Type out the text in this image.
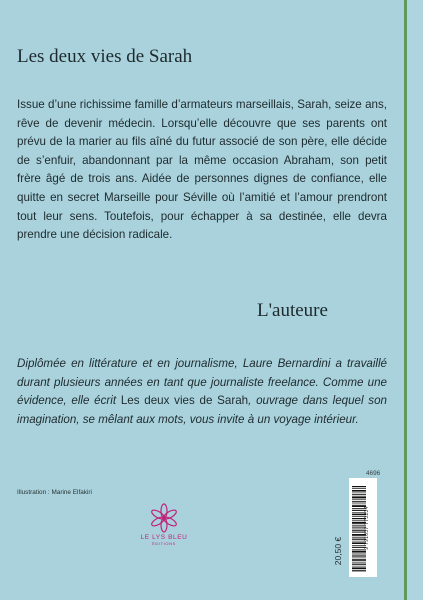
Les deux vies de Sarah

Issue d’une richissime famille d’armateurs marseillais, Sarah, seize ans, rêve de devenir médecin. Lorsqu’elle découvre que ses parents ont prévu de la marier au fils aîné du futur associé de son père, elle décide de s’enfuir, abandonnant par la même occasion Abraham, son petit frère âgé de trois ans. Aidée de personnes dignes de confiance, elle quitte en secret Marseille pour Séville où l’amitié et l’amour prendront tout leur sens. Toutefois, pour échapper à sa destinée, elle devra prendre une décision radicale.

L'auteure

Diplômée en littérature et en journalisme, Laure Bernardini a travaillé durant plusieurs années en tant que journaliste freelance. Comme une évidence, elle écrit Les deux vies de Sarah, ouvrage dans lequel son imagination, se mêlant aux mots, vous invite à un voyage intérieur.

Illustration : Marine Elfakiri
4696
LE LYS BLEU
ÉDITIONS	20,50 €
9 791037 773234
